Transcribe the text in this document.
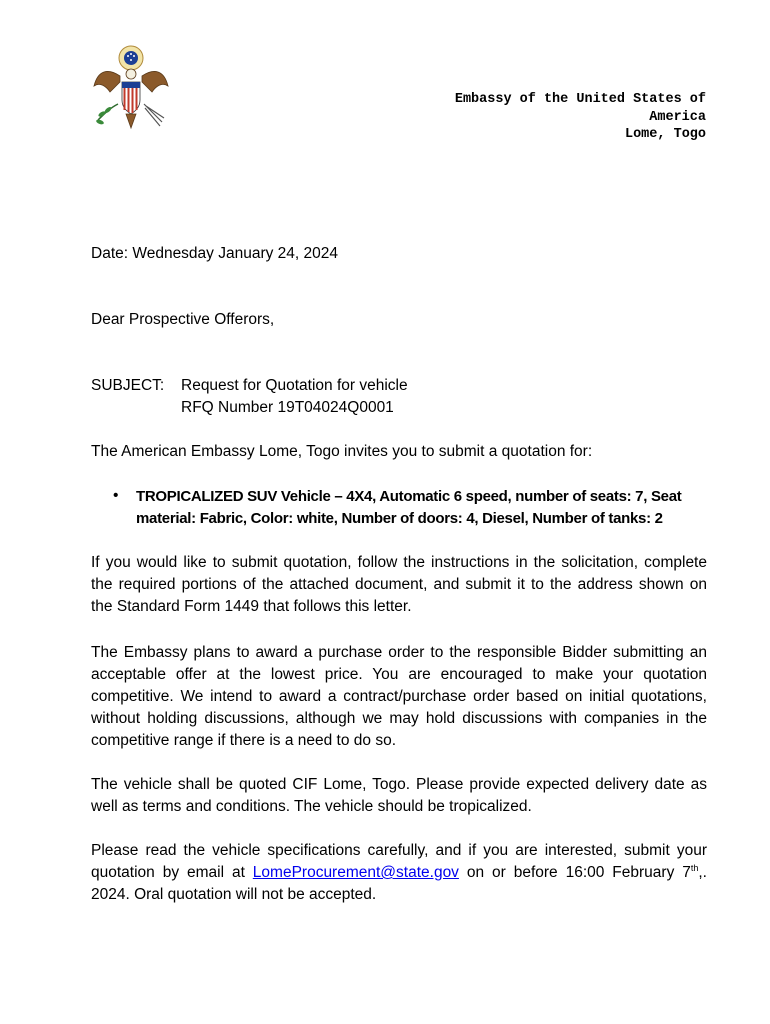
Embassy of the United States of
America
Lome, Togo
Date: Wednesday January 24, 2024
Dear Prospective Offerors,
SUBJECT: Request for Quotation for vehicle
RFQ Number 19T04024Q0001
The American Embassy Lome, Togo invites you to submit a quotation for:
• TROPICALIZED SUV Vehicle – 4X4, Automatic 6 speed, number of seats: 7, Seat material: Fabric, Color: white, Number of doors: 4, Diesel, Number of tanks: 2
If you would like to submit quotation, follow the instructions in the solicitation, complete the required portions of the attached document, and submit it to the address shown on the Standard Form 1449 that follows this letter.
The Embassy plans to award a purchase order to the responsible Bidder submitting an acceptable offer at the lowest price. You are encouraged to make your quotation competitive. We intend to award a contract/purchase order based on initial quotations, without holding discussions, although we may hold discussions with companies in the competitive range if there is a need to do so.
The vehicle shall be quoted CIF Lome, Togo. Please provide expected delivery date as well as terms and conditions. The vehicle should be tropicalized.
Please read the vehicle specifications carefully, and if you are interested, submit your quotation by email at LomeProcurement@state.gov on or before 16:00 February 7th,. 2024. Oral quotation will not be accepted.
